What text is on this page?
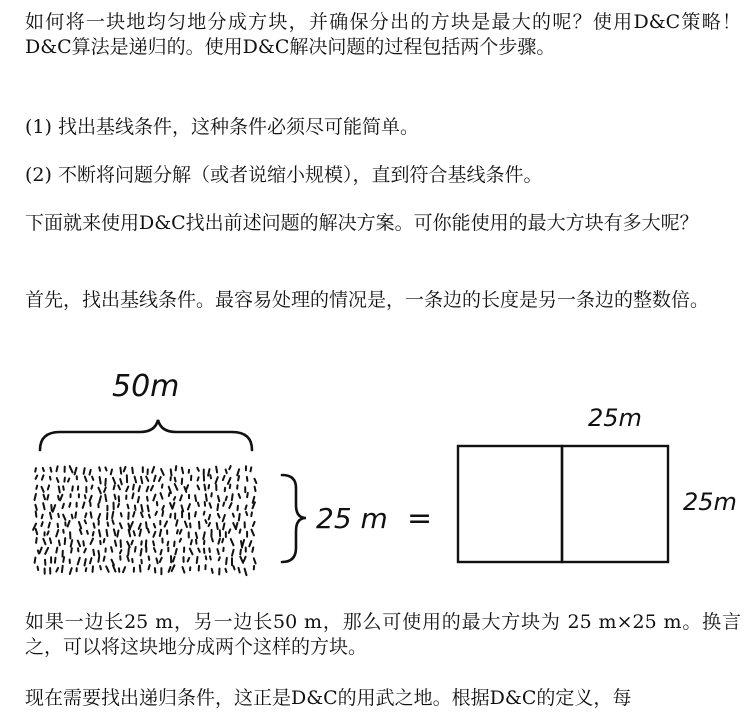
如何将一块地均匀地分成方块，并确保分出的方块是最大的呢？使用D&C策略！D&C算法是递归的。使用D&C解决问题的过程包括两个步骤。

(1) 找出基线条件，这种条件必须尽可能简单。

(2) 不断将问题分解（或者说缩小规模），直到符合基线条件。

下面就来使用D&C找出前述问题的解决方案。可你能使用的最大方块有多大呢？

首先，找出基线条件。最容易处理的情况是，一条边的长度是另一条边的整数倍。

50m
25 m =
25m
25m

如果一边长25 m，另一边长50 m，那么可使用的最大方块为 25 m×25 m。换言之，可以将这块地分成两个这样的方块。

现在需要找出递归条件，这正是D&C的用武之地。根据D&C的定义，每
